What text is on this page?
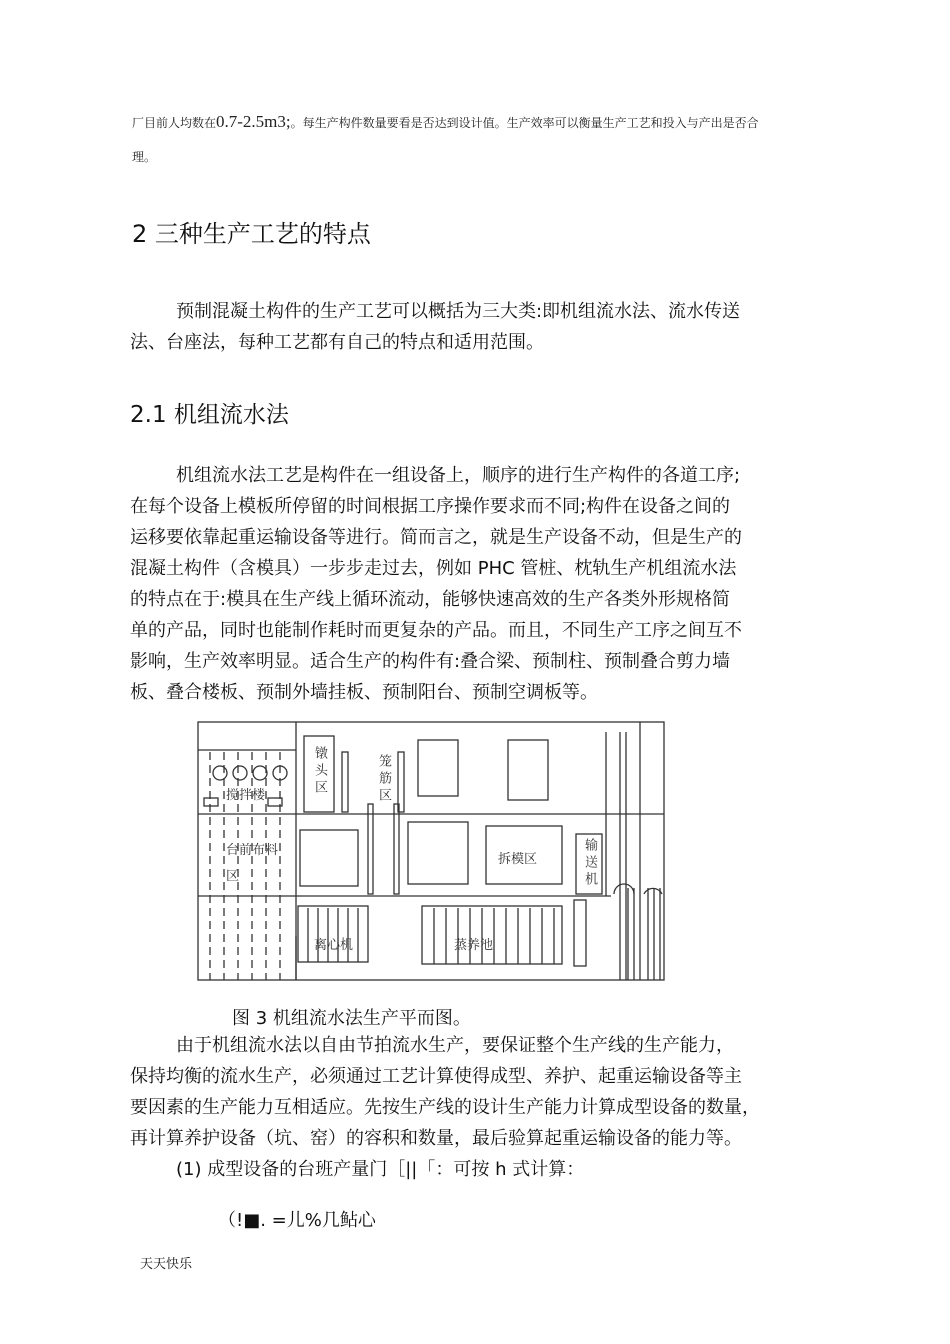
厂目前人均数在0.7-2.5m3;。每生产构件数量要看是否达到设计值。生产效率可以衡量生产工艺和投入与产出是否合
理。
2 三种生产工艺的特点
预制混凝土构件的生产工艺可以概括为三大类:即机组流水法、流水传送
法、台座法，每种工艺都有自己的特点和适用范围。
2.1 机组流水法
机组流水法工艺是构件在一组设备上，顺序的进行生产构件的各道工序;
在每个设备上模板所停留的时间根据工序操作要求而不同;构件在设备之间的
运移要依靠起重运输设备等进行。简而言之，就是生产设备不动，但是生产的
混凝土构件（含模具）一步步走过去，例如 PHC 管桩、枕轨生产机组流水法
的特点在于:模具在生产线上循环流动，能够快速高效的生产各类外形规格简
单的产品，同时也能制作耗时而更复杂的产品。而且，不同生产工序之间互不
影响，生产效率明显。适合生产的构件有:叠合梁、预制柱、预制叠合剪力墙
板、叠合楼板、预制外墙挂板、预制阳台、预制空调板等。
搅拌楼	镦头区	笼筋区
台前布料区
拆模区	输送机
离心机	蒸养池
图 3 机组流水法生产平而图。
由于机组流水法以自由节拍流水生产，要保证整个生产线的生产能力，
保持均衡的流水生产，必须通过工艺计算使得成型、养护、起重运输设备等主
要因素的生产能力互相适应。先按生产线的设计生产能力计算成型设备的数量，
再计算养护设备（坑、窑）的容积和数量，最后验算起重运输设备的能力等。
(1) 成型设备的台班产量门［||「：可按 h 式计算：
（!■. =儿%几鲇心
天天快乐
